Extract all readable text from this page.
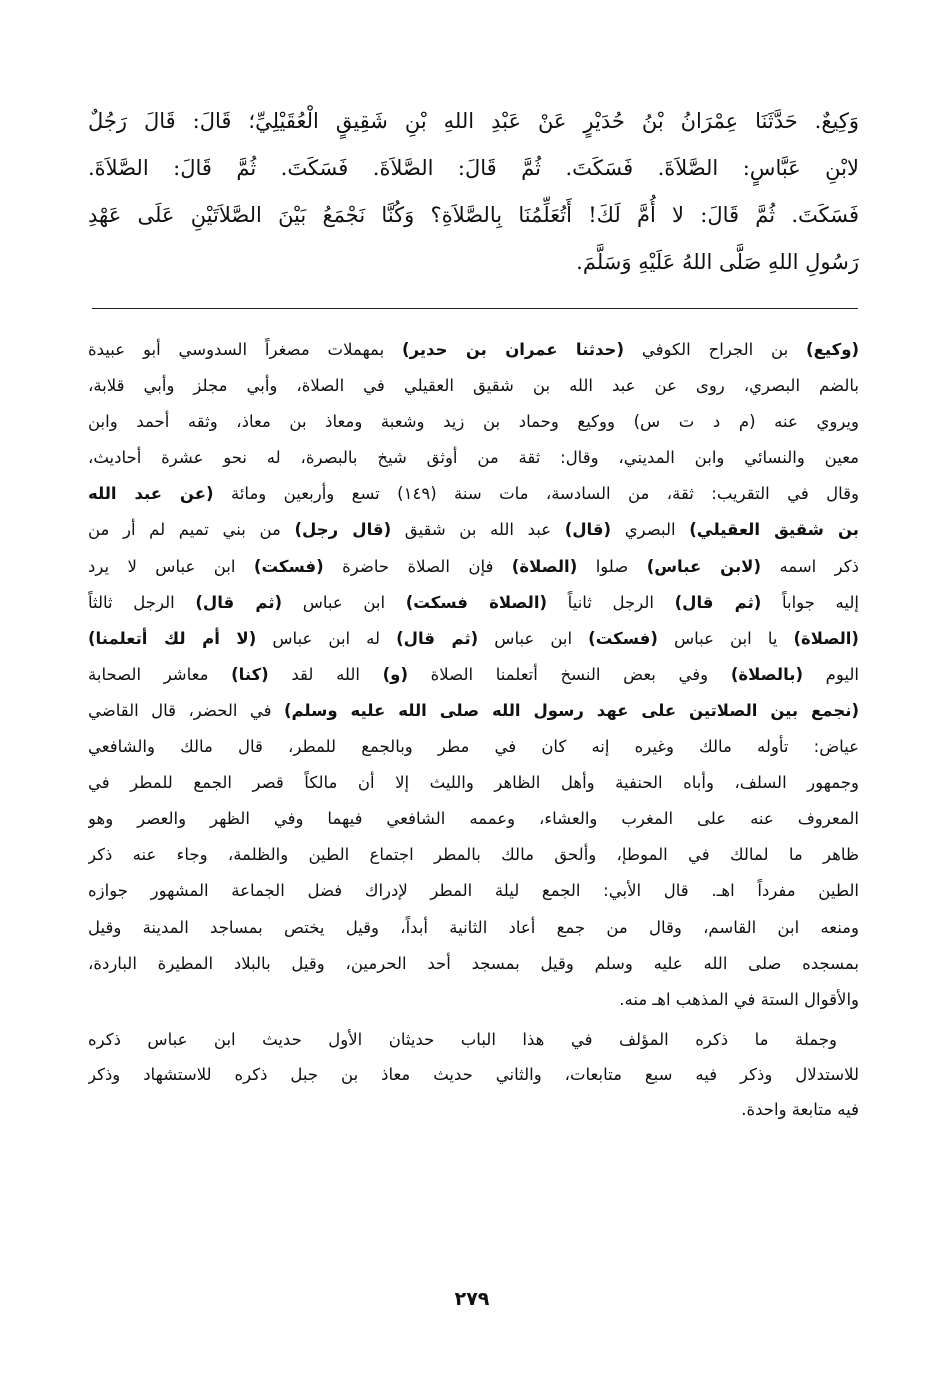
وَكِيعٌ. حَدَّثَنَا عِمْرَانُ بْنُ حُدَيْرٍ عَنْ عَبْدِ اللهِ بْنِ شَقِيقٍ الْعُقَيْلِيِّ؛ قَالَ: قَالَ رَجُلٌ
لابْنِ عَبَّاسٍ: الصَّلاَةَ. فَسَكَتَ. ثُمَّ قَالَ: الصَّلاَةَ. فَسَكَتَ. ثُمَّ قَالَ: الصَّلاَةَ.
فَسَكَتَ. ثُمَّ قَالَ: لا أُمَّ لَكَ! أَتُعَلِّمُنَا بِالصَّلاَةِ؟ وَكُنَّا نَجْمَعُ بَيْنَ الصَّلاَتَيْنِ عَلَى عَهْدِ
رَسُولِ اللهِ صَلَّى اللهُ عَلَيْهِ وَسَلَّمَ.
(وكيع) بن الجراح الكوفي (حدثنا عمران بن حدير) بمهملات مصغراً السدوسي أبو عبيدة
بالضم البصري، روى عن عبد الله بن شقيق العقيلي في الصلاة، وأبي مجلز وأبي قلابة،
ويروي عنه (م د ت س) ووكيع وحماد بن زيد وشعبة ومعاذ بن معاذ، وثقه أحمد وابن
معين والنسائي وابن المديني، وقال: ثقة من أوثق شيخ بالبصرة، له نحو عشرة أحاديث،
وقال في التقريب: ثقة، من السادسة، مات سنة (١٤٩) تسع وأربعين ومائة (عن عبد الله
بن شقيق العقيلي) البصري (قال) عبد الله بن شقيق (قال رجل) من بني تميم لم أر من
ذكر اسمه (لابن عباس) صلوا (الصلاة) فإن الصلاة حاضرة (فسكت) ابن عباس لا يرد
إليه جواباً (ثم قال) الرجل ثانياً (الصلاة فسكت) ابن عباس (ثم قال) الرجل ثالثاً
(الصلاة) يا ابن عباس (فسكت) ابن عباس (ثم قال) له ابن عباس (لا أم لك أتعلمنا)
اليوم (بالصلاة) وفي بعض النسخ أتعلمنا الصلاة (و) الله لقد (كنا) معاشر الصحابة
(نجمع بين الصلاتين على عهد رسول الله صلى الله عليه وسلم) في الحضر، قال القاضي
عياض: تأوله مالك وغيره إنه كان في مطر وبالجمع للمطر، قال مالك والشافعي
وجمهور السلف، وأباه الحنفية وأهل الظاهر والليث إلا أن مالكاً قصر الجمع للمطر في
المعروف عنه على المغرب والعشاء، وعممه الشافعي فيهما وفي الظهر والعصر وهو
ظاهر ما لمالك في الموطإ، وألحق مالك بالمطر اجتماع الطين والظلمة، وجاء عنه ذكر
الطين مفرداً اهـ. قال الأبي: الجمع ليلة المطر لإدراك فضل الجماعة المشهور جوازه
ومنعه ابن القاسم، وقال من جمع أعاد الثانية أبداً، وقيل يختص بمساجد المدينة وقيل
بمسجده صلى الله عليه وسلم وقيل بمسجد أحد الحرمين، وقيل بالبلاد المطيرة الباردة،
والأقوال الستة في المذهب اهـ منه.
وجملة ما ذكره المؤلف في هذا الباب حديثان الأول حديث ابن عباس ذكره
للاستدلال وذكر فيه سبع متابعات، والثاني حديث معاذ بن جبل ذكره للاستشهاد وذكر
فيه متابعة واحدة.
٢٧٩
